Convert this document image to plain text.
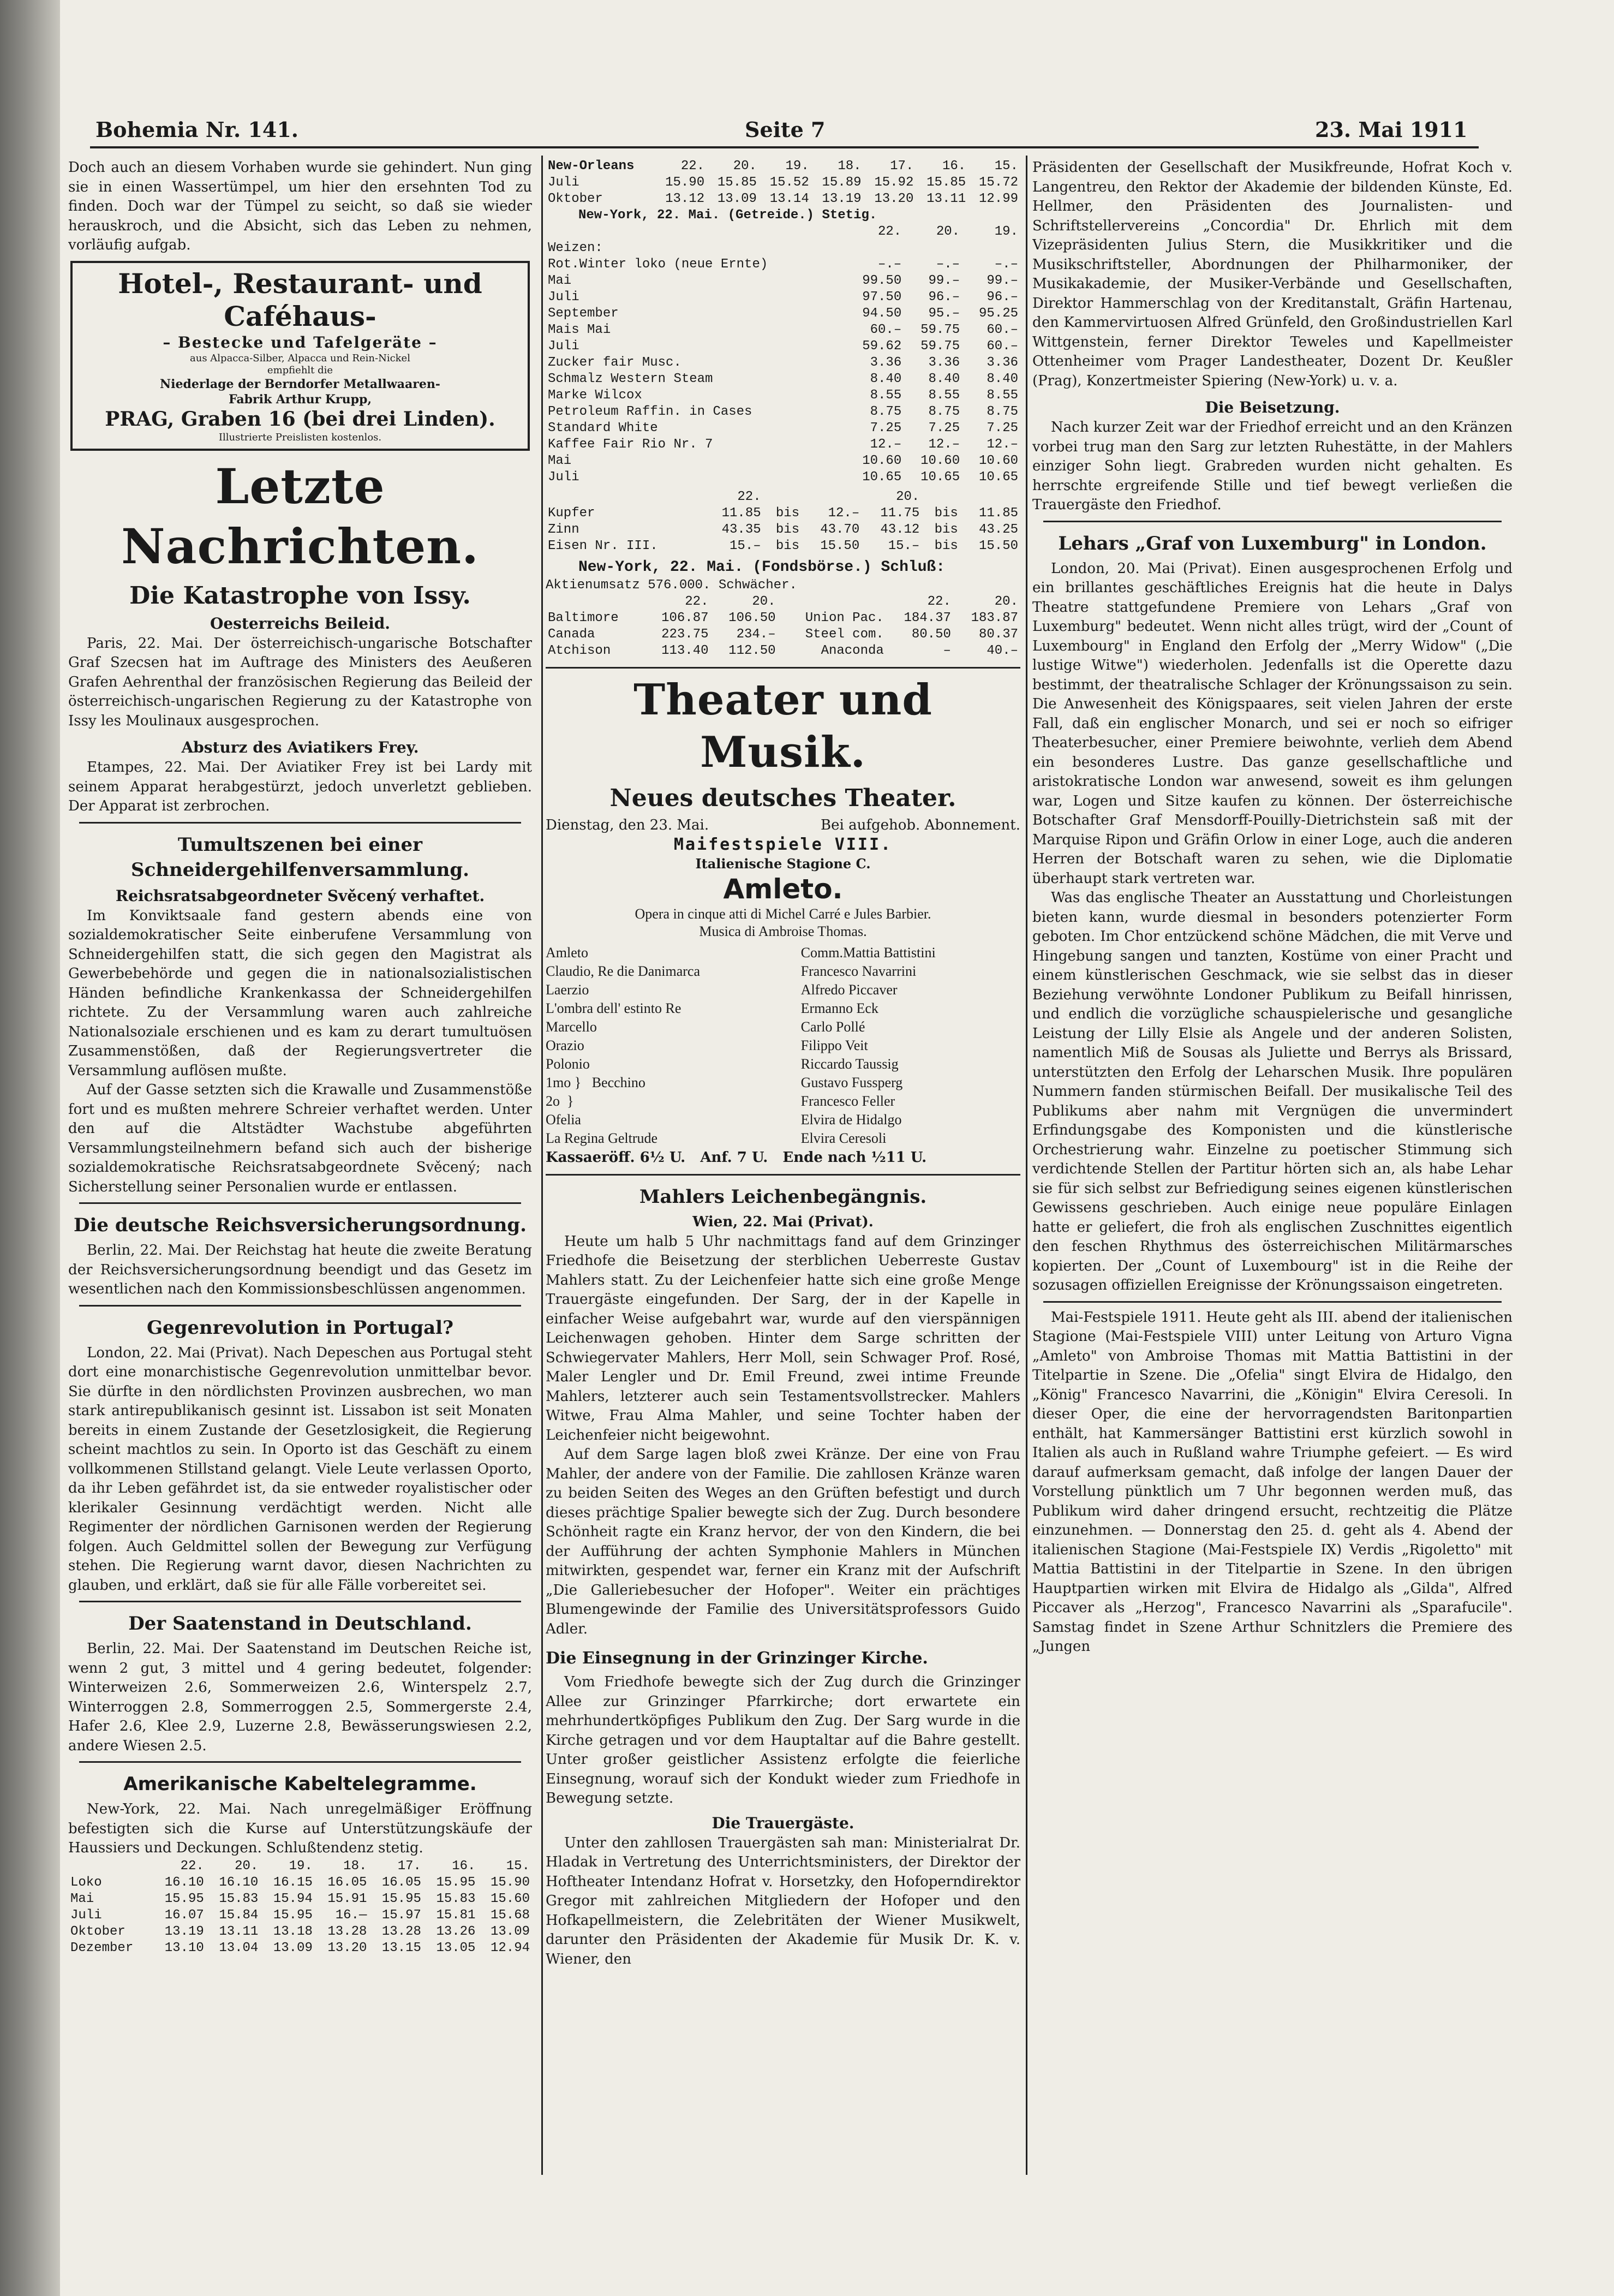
Bohemia Nr. 141.	Seite 7	23. Mai 1911

Doch auch an diesem Vorhaben wurde sie gehindert. Nun ging sie in einen Wassertümpel, um hier den ersehnten Tod zu finden. Doch war der Tümpel zu seicht, so daß sie wieder herauskroch, und die Absicht, sich das Leben zu nehmen, vorläufig aufgab.

Hotel-, Restaurant- und Caféhaus-
– Bestecke und Tafelgeräte –
aus Alpacca-Silber, Alpacca und Rein-Nickel
empfiehlt die
Niederlage der Berndorfer Metallwaaren-
Fabrik Arthur Krupp,
PRAG, Graben 16 (bei drei Linden).
Illustrierte Preislisten kostenlos.
Letzte Nachrichten.
Die Katastrophe von Issy.
Oesterreichs Beileid.

Paris, 22. Mai. Der österreichisch-ungarische Botschafter Graf Szecsen hat im Auftrage des Ministers des Aeußeren Grafen Aehrenthal der französischen Regierung das Beileid der österreichisch-ungarischen Regierung zu der Katastrophe von Issy les Moulinaux ausgesprochen.

Absturz des Aviatikers Frey.

Etampes, 22. Mai. Der Aviatiker Frey ist bei Lardy mit seinem Apparat herabgestürzt, jedoch unverletzt geblieben. Der Apparat ist zerbrochen.

Tumultszenen bei einer Schneidergehilfenversammlung.
Reichsratsabgeordneter Svěcený verhaftet.

Im Konviktsaale fand gestern abends eine von sozialdemokratischer Seite einberufene Versammlung von Schneidergehilfen statt, die sich gegen den Magistrat als Gewerbebehörde und gegen die in nationalsozialistischen Händen befindliche Krankenkassa der Schneidergehilfen richtete. Zu der Versammlung waren auch zahlreiche Nationalsoziale erschienen und es kam zu derart tumultuösen Zusammenstößen, daß der Regierungsvertreter die Versammlung auflösen mußte.

Auf der Gasse setzten sich die Krawalle und Zusammenstöße fort und es mußten mehrere Schreier verhaftet werden. Unter den auf die Altstädter Wachstube abgeführten Versammlungsteilnehmern befand sich auch der bisherige sozialdemokratische Reichsratsabgeordnete Svěcený; nach Sicherstellung seiner Personalien wurde er entlassen.

Die deutsche Reichsversicherungsordnung.

Berlin, 22. Mai. Der Reichstag hat heute die zweite Beratung der Reichsversicherungsordnung beendigt und das Gesetz im wesentlichen nach den Kommissionsbeschlüssen angenommen.

Gegenrevolution in Portugal?

London, 22. Mai (Privat). Nach Depeschen aus Portugal steht dort eine monarchistische Gegenrevolution unmittelbar bevor. Sie dürfte in den nördlichsten Provinzen ausbrechen, wo man stark antirepublikanisch gesinnt ist. Lissabon ist seit Monaten bereits in einem Zustande der Gesetzlosigkeit, die Regierung scheint machtlos zu sein. In Oporto ist das Geschäft zu einem vollkommenen Stillstand gelangt. Viele Leute verlassen Oporto, da ihr Leben gefährdet ist, da sie entweder royalistischer oder klerikaler Gesinnung verdächtigt werden. Nicht alle Regimenter der nördlichen Garnisonen werden der Regierung folgen. Auch Geldmittel sollen der Bewegung zur Verfügung stehen. Die Regierung warnt davor, diesen Nachrichten zu glauben, und erklärt, daß sie für alle Fälle vorbereitet sei.

Der Saatenstand in Deutschland.

Berlin, 22. Mai. Der Saatenstand im Deutschen Reiche ist, wenn 2 gut, 3 mittel und 4 gering bedeutet, folgender: Winterweizen 2.6, Sommerweizen 2.6, Winterspelz 2.7, Winterroggen 2.8, Sommerroggen 2.5, Sommergerste 2.4, Hafer 2.6, Klee 2.9, Luzerne 2.8, Bewässerungswiesen 2.2, andere Wiesen 2.5.

Amerikanische Kabeltelegramme.

New-York, 22. Mai. Nach unregelmäßiger Eröffnung befestigten sich die Kurse auf Unterstützungskäufe der Haussiers und Deckungen. Schlußtendenz stetig.

	22.	20.	19.	18.	17.	16.	15.
Loko	16.10	16.10	16.15	16.05	16.05	15.95	15.90
Mai	15.95	15.83	15.94	15.91	15.95	15.83	15.60
Juli	16.07	15.84	15.95	16.—	15.97	15.81	15.68
Oktober	13.19	13.11	13.18	13.28	13.28	13.26	13.09
Dezember	13.10	13.04	13.09	13.20	13.15	13.05	12.94
New-Orleans	22.	20.	19.	18.	17.	16.	15.
Juli	15.90	15.85	15.52	15.89	15.92	15.85	15.72
Oktober	13.12	13.09	13.14	13.19	13.20	13.11	12.99
New-York, 22. Mai. (Getreide.) Stetig.
	22.	20.	19.
Weizen:			
Rot.Winter loko (neue Ernte)	–.–	–.–	–.–
Mai	99.50	99.–	99.–
Juli	97.50	96.–	96.–
September	94.50	95.–	95.25
Mais Mai	60.–	59.75	60.–
Juli	59.62	59.75	60.–
Zucker fair Musc.	3.36	3.36	3.36
Schmalz Western Steam	8.40	8.40	8.40
Marke Wilcox	8.55	8.55	8.55
Petroleum Raffin. in Cases	8.75	8.75	8.75
Standard White	7.25	7.25	7.25
Kaffee Fair Rio Nr. 7	12.–	12.–	12.–
Mai	10.60	10.60	10.60
Juli	10.65	10.65	10.65
	22.			20.		
Kupfer	11.85	bis	12.–	11.75	bis	11.85
Zinn	43.35	bis	43.70	43.12	bis	43.25
Eisen Nr. III.	15.–	bis	15.50	15.–	bis	15.50
New-York, 22. Mai. (Fondsbörse.) Schluß:
Aktienumsatz 576.000. Schwächer.
	22.	20.		22.	20.
Baltimore	106.87	106.50	Union Pac.	184.37	183.87
Canada	223.75	234.–	Steel com.	80.50	80.37
Atchison	113.40	112.50	Anaconda	–	40.–
Theater und Musik.
Neues deutsches Theater.
Dienstag, den 23. Mai.	Bei aufgehob. Abonnement.
Maifestspiele VIII.
Italienische Stagione C.
Amleto.
Opera in cinque atti di Michel Carré e Jules Barbier.
Musica di Ambroise Thomas.
Amleto	Comm.Mattia Battistini
Claudio, Re die Danimarca	Francesco Navarrini
Laerzio	Alfredo Piccaver
L'ombra dell' estinto Re	Ermanno Eck
Marcello	Carlo Pollé
Orazio	Filippo Veit
Polonio	Riccardo Taussig
1mo }   Becchino	Gustavo Fussperg
2o  }	Francesco Feller
Ofelia	Elvira de Hidalgo
La Regina Geltrude	Elvira Ceresoli
Kassaeröff. 6½ U.   Anf. 7 U.   Ende nach ½11 U.
Mahlers Leichenbegängnis.
Wien, 22. Mai (Privat).

Heute um halb 5 Uhr nachmittags fand auf dem Grinzinger Friedhofe die Beisetzung der sterblichen Ueberreste Gustav Mahlers statt. Zu der Leichenfeier hatte sich eine große Menge Trauergäste eingefunden. Der Sarg, der in der Kapelle in einfacher Weise aufgebahrt war, wurde auf den vierspännigen Leichenwagen gehoben. Hinter dem Sarge schritten der Schwiegervater Mahlers, Herr Moll, sein Schwager Prof. Rosé, Maler Lengler und Dr. Emil Freund, zwei intime Freunde Mahlers, letzterer auch sein Testamentsvollstrecker. Mahlers Witwe, Frau Alma Mahler, und seine Tochter haben der Leichenfeier nicht beigewohnt.

Auf dem Sarge lagen bloß zwei Kränze. Der eine von Frau Mahler, der andere von der Familie. Die zahllosen Kränze waren zu beiden Seiten des Weges an den Grüften befestigt und durch dieses prächtige Spalier bewegte sich der Zug. Durch besondere Schönheit ragte ein Kranz hervor, der von den Kindern, die bei der Aufführung der achten Symphonie Mahlers in München mitwirkten, gespendet war, ferner ein Kranz mit der Aufschrift „Die Galleriebesucher der Hofoper". Weiter ein prächtiges Blumengewinde der Familie des Universitätsprofessors Guido Adler.

Die Einsegnung in der Grinzinger Kirche.

Vom Friedhofe bewegte sich der Zug durch die Grinzinger Allee zur Grinzinger Pfarrkirche; dort erwartete ein mehrhundertköpfiges Publikum den Zug. Der Sarg wurde in die Kirche getragen und vor dem Hauptaltar auf die Bahre gestellt. Unter großer geistlicher Assistenz erfolgte die feierliche Einsegnung, worauf sich der Kondukt wieder zum Friedhofe in Bewegung setzte.

Die Trauergäste.

Unter den zahllosen Trauergästen sah man: Ministerialrat Dr. Hladak in Vertretung des Unterrichtsministers, der Direktor der Hoftheater Intendanz Hofrat v. Horsetzky, den Hofoperndirektor Gregor mit zahlreichen Mitgliedern der Hofoper und den Hofkapellmeistern, die Zelebritäten der Wiener Musikwelt, darunter den Präsidenten der Akademie für Musik Dr. K. v. Wiener, den

Präsidenten der Gesellschaft der Musikfreunde, Hofrat Koch v. Langentreu, den Rektor der Akademie der bildenden Künste, Ed. Hellmer, den Präsidenten des Journalisten- und Schriftstellervereins „Concordia" Dr. Ehrlich mit dem Vizepräsidenten Julius Stern, die Musikkritiker und die Musikschriftsteller, Abordnungen der Philharmoniker, der Musikakademie, der Musiker-Verbände und Gesellschaften, Direktor Hammerschlag von der Kreditanstalt, Gräfin Hartenau, den Kammervirtuosen Alfred Grünfeld, den Großindustriellen Karl Wittgenstein, ferner Direktor Teweles und Kapellmeister Ottenheimer vom Prager Landestheater, Dozent Dr. Keußler (Prag), Konzertmeister Spiering (New-York) u. v. a.

Die Beisetzung.

Nach kurzer Zeit war der Friedhof erreicht und an den Kränzen vorbei trug man den Sarg zur letzten Ruhestätte, in der Mahlers einziger Sohn liegt. Grabreden wurden nicht gehalten. Es herrschte ergreifende Stille und tief bewegt verließen die Trauergäste den Friedhof.

Lehars „Graf von Luxemburg" in London.

London, 20. Mai (Privat). Einen ausgesprochenen Erfolg und ein brillantes geschäftliches Ereignis hat die heute in Dalys Theatre stattgefundene Premiere von Lehars „Graf von Luxemburg" bedeutet. Wenn nicht alles trügt, wird der „Count of Luxembourg" in England den Erfolg der „Merry Widow" („Die lustige Witwe") wiederholen. Jedenfalls ist die Operette dazu bestimmt, der theatralische Schlager der Krönungssaison zu sein. Die Anwesenheit des Königspaares, seit vielen Jahren der erste Fall, daß ein englischer Monarch, und sei er noch so eifriger Theaterbesucher, einer Premiere beiwohnte, verlieh dem Abend ein besonderes Lustre. Das ganze gesellschaftliche und aristokratische London war anwesend, soweit es ihm gelungen war, Logen und Sitze kaufen zu können. Der österreichische Botschafter Graf Mensdorff-Pouilly-Dietrichstein saß mit der Marquise Ripon und Gräfin Orlow in einer Loge, auch die anderen Herren der Botschaft waren zu sehen, wie die Diplomatie überhaupt stark vertreten war.

Was das englische Theater an Ausstattung und Chorleistungen bieten kann, wurde diesmal in besonders potenzierter Form geboten. Im Chor entzückend schöne Mädchen, die mit Verve und Hingebung sangen und tanzten, Kostüme von einer Pracht und einem künstlerischen Geschmack, wie sie selbst das in dieser Beziehung verwöhnte Londoner Publikum zu Beifall hinrissen, und endlich die vorzügliche schauspielerische und gesangliche Leistung der Lilly Elsie als Angele und der anderen Solisten, namentlich Miß de Sousas als Juliette und Berrys als Brissard, unterstützten den Erfolg der Leharschen Musik. Ihre populären Nummern fanden stürmischen Beifall. Der musikalische Teil des Publikums aber nahm mit Vergnügen die unvermindert Erfindungsgabe des Komponisten und die künstlerische Orchestrierung wahr. Einzelne zu poetischer Stimmung sich verdichtende Stellen der Partitur hörten sich an, als habe Lehar sie für sich selbst zur Befriedigung seines eigenen künstlerischen Gewissens geschrieben. Auch einige neue populäre Einlagen hatte er geliefert, die froh als englischen Zuschnittes eigentlich den feschen Rhythmus des österreichischen Militärmarsches kopierten. Der „Count of Luxembourg" ist in die Reihe der sozusagen offiziellen Ereignisse der Krönungssaison eingetreten.

Mai-Festspiele 1911. Heute geht als III. abend der italienischen Stagione (Mai-Festspiele VIII) unter Leitung von Arturo Vigna „Amleto" von Ambroise Thomas mit Mattia Battistini in der Titelpartie in Szene. Die „Ofelia" singt Elvira de Hidalgo, den „König" Francesco Navarrini, die „Königin" Elvira Ceresoli. In dieser Oper, die eine der hervorragendsten Baritonpartien enthält, hat Kammersänger Battistini erst kürzlich sowohl in Italien als auch in Rußland wahre Triumphe gefeiert. — Es wird darauf aufmerksam gemacht, daß infolge der langen Dauer der Vorstellung pünktlich um 7 Uhr begonnen werden muß, das Publikum wird daher dringend ersucht, rechtzeitig die Plätze einzunehmen. — Donnerstag den 25. d. geht als 4. Abend der italienischen Stagione (Mai-Festspiele IX) Verdis „Rigoletto" mit Mattia Battistini in der Titelpartie in Szene. In den übrigen Hauptpartien wirken mit Elvira de Hidalgo als „Gilda", Alfred Piccaver als „Herzog", Francesco Navarrini als „Sparafucile". Samstag findet in Szene Arthur Schnitzlers die Premiere des „Jungen
